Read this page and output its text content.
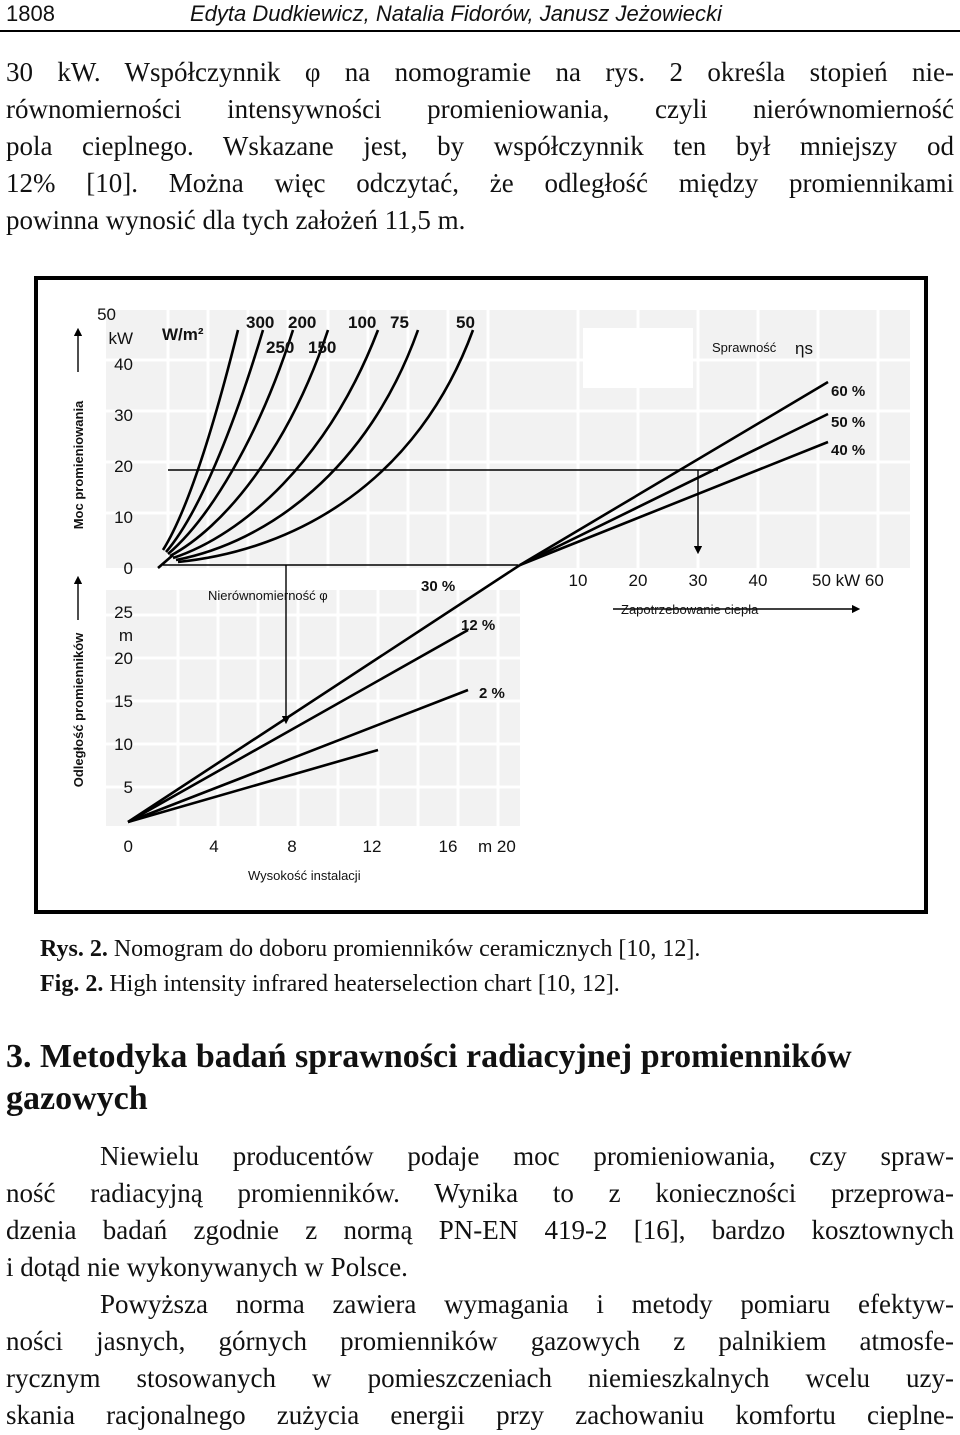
1808	Edyta Dudkiewicz, Natalia Fidorów, Janusz Jeżowiecki

30 kW. Współczynnik φ na nomogramie na rys. 2 określa stopień nie-
równomierności intensywności promieniowania, czyli nierównomierność
pola cieplnego. Wskazane jest, by współczynnik ten był mniejszy od
12% [10]. Można więc odczytać, że odległość między promiennikami
powinna wynosić dla tych założeń 11,5 m.

50
kW
40
30
20
10
0
Moc promieniowania
W/m²
300 200 100 75	50
250 150	Sprawność ηs
60 %
50 %
40 %
10 20 30 40	50 kW 60
Zapotrzebowanie ciepła
25
m
20
15
10
5
0
Odległość promienników
Nierównomierność φ
30 %
12 %
2 %
4	8	12	16 m 20
Wysokość instalacji
Rys. 2. Nomogram do doboru promienników ceramicznych [10, 12].
Fig. 2. High intensity infrared heaterselection chart [10, 12].
3. Metodyka badań sprawności radiacyjnej promienników
gazowych

Niewielu producentów podaje moc promieniowania, czy spraw-
ność radiacyjną promienników. Wynika to z konieczności przeprowa-
dzenia badań zgodnie z normą PN-EN 419-2 [16], bardzo kosztownych
i dotąd nie wykonywanych w Polsce.

Powyższa norma zawiera wymagania i metody pomiaru efektyw-
ności jasnych, górnych promienników gazowych z palnikiem atmosfe-
rycznym stosowanych w pomieszczeniach niemieszkalnych wcelu uzy-
skania racjonalnego zużycia energii przy zachowaniu komfortu cieplne-
